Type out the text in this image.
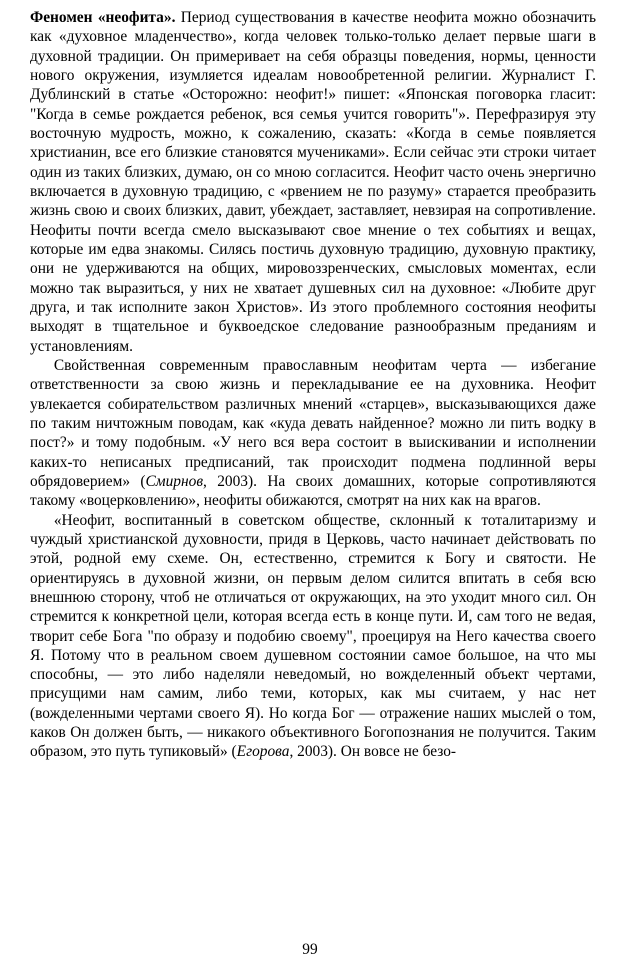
Феномен «неофита». Период существования в качестве неофита можно обозначить как «духовное младенчество», когда человек только-только делает первые шаги в духовной традиции. Он примеривает на себя образцы поведения, нормы, ценности нового окружения, изумляется идеалам новообретенной религии. Журналист Г. Дублинский в статье «Осторожно: неофит!» пишет: «Японская поговорка гласит: "Когда в семье рождается ребенок, вся семья учится говорить"». Перефразируя эту восточную мудрость, можно, к сожалению, сказать: «Когда в семье появляется христианин, все его близкие становятся мучениками». Если сейчас эти строки читает один из таких близких, думаю, он со мною согласится. Неофит часто очень энергично включается в духовную традицию, с «рвением не по разуму» старается преобразить жизнь свою и своих близких, давит, убеждает, заставляет, невзирая на сопротивление. Неофиты почти всегда смело высказывают свое мнение о тех событиях и вещах, которые им едва знакомы. Силясь постичь духовную традицию, духовную практику, они не удерживаются на общих, мировоззренческих, смысловых моментах, если можно так выразиться, у них не хватает душевных сил на духовное: «Любите друг друга, и так исполните закон Христов». Из этого проблемного состояния неофиты выходят в тщательное и буквоедское следование разнообразным преданиям и установлениям.

Свойственная современным православным неофитам черта — избегание ответственности за свою жизнь и перекладывание ее на духовника. Неофит увлекается собирательством различных мнений «старцев», высказывающихся даже по таким ничтожным поводам, как «куда девать найденное? можно ли пить водку в пост?» и тому подобным. «У него вся вера состоит в выискивании и исполнении каких-то неписаных предписаний, так происходит подмена подлинной веры обрядоверием» (Смирнов, 2003). На своих домашних, которые сопротивляются такому «воцерковлению», неофиты обижаются, смотрят на них как на врагов.

«Неофит, воспитанный в советском обществе, склонный к тоталитаризму и чуждый христианской духовности, придя в Церковь, часто начинает действовать по этой, родной ему схеме. Он, естественно, стремится к Богу и святости. Не ориентируясь в духовной жизни, он первым делом силится впитать в себя всю внешнюю сторону, чтоб не отличаться от окружающих, на это уходит много сил. Он стремится к конкретной цели, которая всегда есть в конце пути. И, сам того не ведая, творит себе Бога "по образу и подобию своему", проецируя на Него качества своего Я. Потому что в реальном своем душевном состоянии самое большое, на что мы способны, — это либо наделяли неведомый, но вожделенный объект чертами, присущими нам самим, либо теми, которых, как мы считаем, у нас нет (вожделенными чертами своего Я). Но когда Бог — отражение наших мыслей о том, каков Он должен быть, — никакого объективного Богопознания не получится. Таким образом, это путь тупиковый» (Егорова, 2003). Он вовсе не безо-

99
